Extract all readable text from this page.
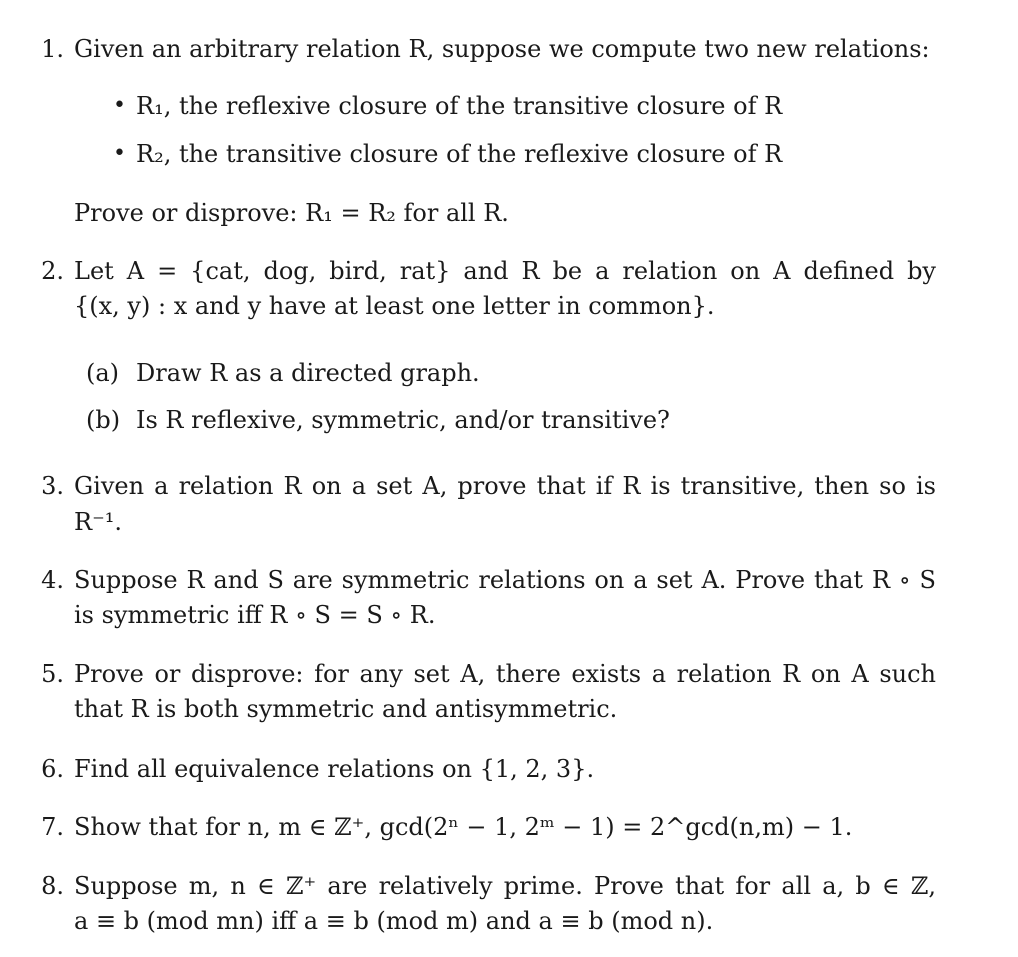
1. Given an arbitrary relation R, suppose we compute two new relations:
• R₁, the reflexive closure of the transitive closure of R
• R₂, the transitive closure of the reflexive closure of R
Prove or disprove: R₁ = R₂ for all R.
2. Let A = {cat, dog, bird, rat} and R be a relation on A defined by
{(x, y) : x and y have at least one letter in common}.
(a) Draw R as a directed graph.
(b) Is R reflexive, symmetric, and/or transitive?
3. Given a relation R on a set A, prove that if R is transitive, then so is
R⁻¹.
4. Suppose R and S are symmetric relations on a set A. Prove that R ∘ S
is symmetric iff R ∘ S = S ∘ R.
5. Prove or disprove: for any set A, there exists a relation R on A such
that R is both symmetric and antisymmetric.
6. Find all equivalence relations on {1, 2, 3}.
7. Show that for n, m ∈ ℤ⁺, gcd(2ⁿ − 1, 2ᵐ − 1) = 2^gcd(n,m) − 1.
8. Suppose m, n ∈ ℤ⁺ are relatively prime. Prove that for all a, b ∈ ℤ,
a ≡ b (mod mn) iff a ≡ b (mod m) and a ≡ b (mod n).
